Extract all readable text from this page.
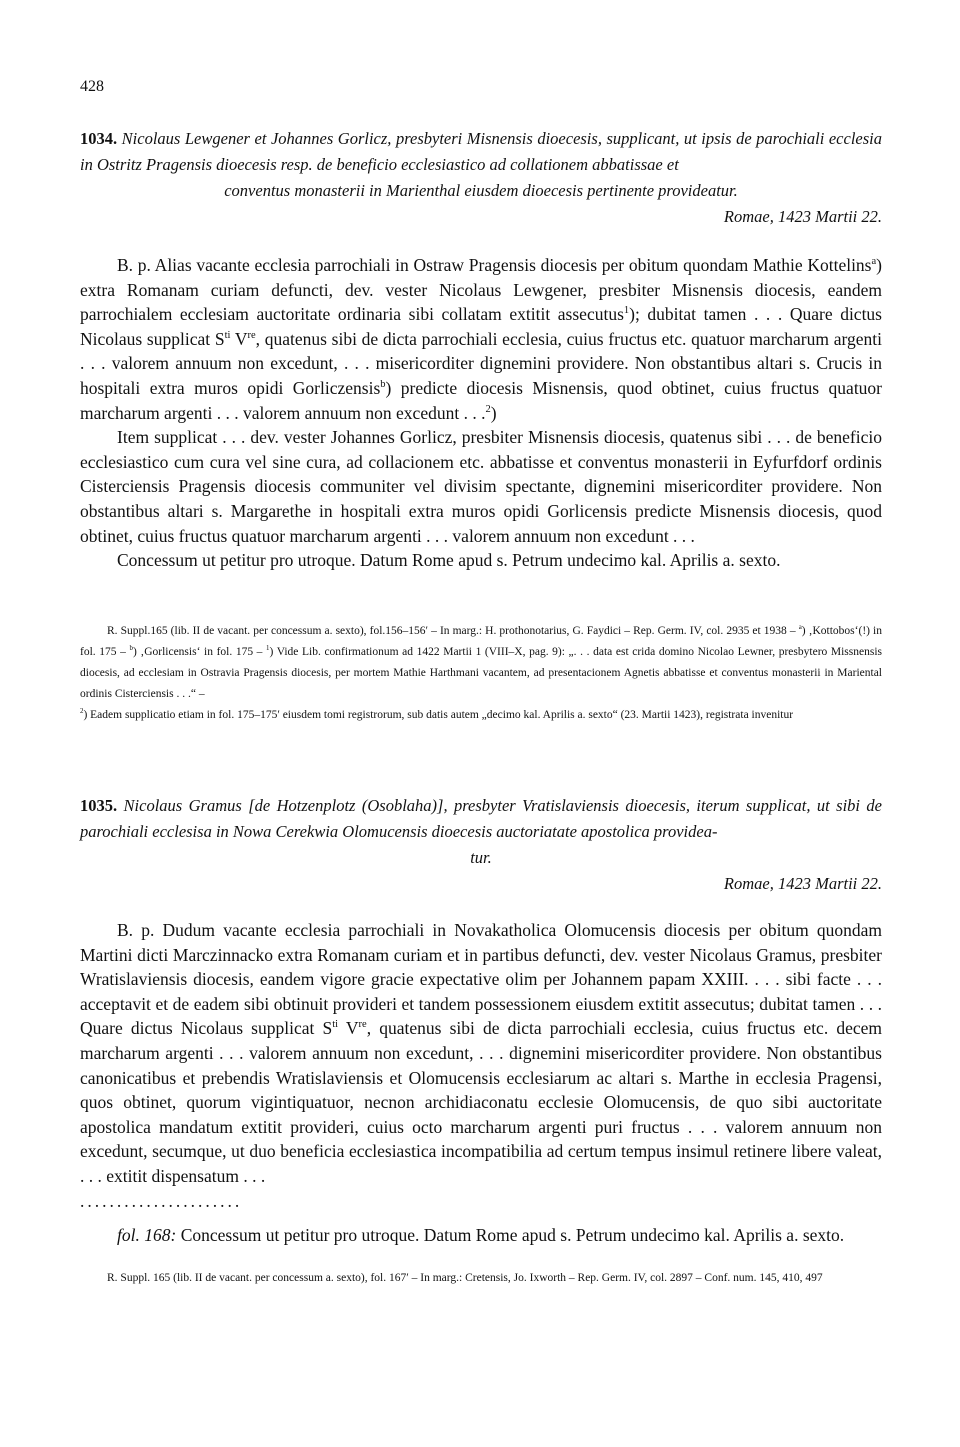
428
1034. Nicolaus Lewgener et Johannes Gorlicz, presbyteri Misnensis dioecesis, supplicant, ut ipsis de parochiali ecclesia in Ostritz Pragensis dioecesis resp. de beneficio ecclesiastico ad collationem abbatissae et
conventus monasterii in Marienthal eiusdem dioecesis pertinente provideatur.
Romae, 1423 Martii 22.

B. p. Alias vacante ecclesia parrochiali in Ostraw Pragensis diocesis per obitum quondam Mathie Kottelins$^a$) extra Romanam curiam defuncti, dev. vester Nicolaus Lewgener, presbiter Misnensis diocesis, eandem parrochialem ecclesiam auctoritate ordinaria sibi collatam extitit assecutus$^1$); dubitat tamen . . . Quare dictus Nicolaus supplicat $S^{ti}$ Vre, quatenus sibi de dicta parrochiali ecclesia, cuius fructus etc. quatuor marcharum argenti . . . valorem annuum non excedunt, . . . misericorditer dignemini providere. Non obstantibus altari s. Crucis in hospitali extra muros opidi Gorliczensis$^b$) predicte diocesis Misnensis, quod obtinet, cuius fructus quatuor marcharum argenti . . . valorem annuum non excedunt . . .$^2$)

Item supplicat . . . dev. vester Johannes Gorlicz, presbiter Misnensis diocesis, quatenus sibi . . . de beneficio ecclesiastico cum cura vel sine cura, ad collacionem etc. abbatisse et conventus monasterii in Eyfurfdorf ordinis Cisterciensis Pragensis diocesis communiter vel divisim spectante, dignemini misericorditer providere. Non obstantibus altari s. Margarethe in hospitali extra muros opidi Gorlicensis predicte Misnensis diocesis, quod obtinet, cuius fructus quatuor marcharum argenti . . . valorem annuum non excedunt . . .

Concessum ut petitur pro utroque. Datum Rome apud s. Petrum undecimo kal. Aprilis a. sexto.

R. Suppl.165 (lib. II de vacant. per concessum a. sexto), fol.156–156′ – In marg.: H. prothonotarius, G. Faydici – Rep. Germ. IV, col. 2935 et 1938 – $^a$) ‚Kottobos‘(!) in fol. 175 – $^b$) ‚Gorlicensis‘ in fol. 175 – $^1$) Vide Lib. confirmationum ad 1422 Martii 1 (VIII–X, pag. 9): „. . . data est crida domino Nicolao Lewner, presbytero Missnensis diocesis, ad ecclesiam in Ostravia Pragensis diocesis, per mortem Mathie Harthmani vacantem, ad presentacionem Agnetis abbatisse et conventus monasterii in Mariental ordinis Cisterciensis . . .“ –

$^2$) Eadem supplicatio etiam in fol. 175–175′ eiusdem tomi registrorum, sub datis autem „decimo kal. Aprilis a. sexto“ (23. Martii 1423), registrata invenitur

1035. Nicolaus Gramus [de Hotzenplotz (Osoblaha)], presbyter Vratislaviensis dioecesis, iterum supplicat, ut sibi de parochiali ecclesisa in Nowa Cerekwia Olomucensis dioecesis auctoriatate apostolica providea-
tur.
Romae, 1423 Martii 22.

B. p. Dudum vacante ecclesia parrochiali in Novakatholica Olomucensis diocesis per obitum quondam Martini dicti Marczinnacko extra Romanam curiam et in partibus defuncti, dev. vester Nicolaus Gramus, presbiter Wratislaviensis diocesis, eandem vigore gracie expectative olim per Johannem papam XXIII. . . . sibi facte . . . acceptavit et de eadem sibi obtinuit provideri et tandem possessionem eiusdem extitit assecutus; dubitat tamen . . . Quare dictus Nicolaus supplicat $S^{ti}$ Vre, quatenus sibi de dicta parrochiali ecclesia, cuius fructus etc. decem marcharum argenti . . . valorem annuum non excedunt, . . . dignemini misericorditer providere. Non obstantibus canonicatibus et prebendis Wratislaviensis et Olomucensis ecclesiarum ac altari s. Marthe in ecclesia Pragensi, quos obtinet, quorum vigintiquatuor, necnon archidiaconatu ecclesie Olomucensis, de quo sibi auctoritate apostolica mandatum extitit provideri, cuius octo marcharum argenti puri fructus . . . valorem annuum non excedunt, secumque, ut duo beneficia ecclesiastica incompatibilia ad certum tempus insimul retinere libere valeat, . . . extitit dispensatum . . .

......................

fol. 168: Concessum ut petitur pro utroque. Datum Rome apud s. Petrum undecimo kal. Aprilis a. sexto.

R. Suppl. 165 (lib. II de vacant. per concessum a. sexto), fol. 167′ – In marg.: Cretensis, Jo. Ixworth – Rep. Germ. IV, col. 2897 – Conf. num. 145, 410, 497
